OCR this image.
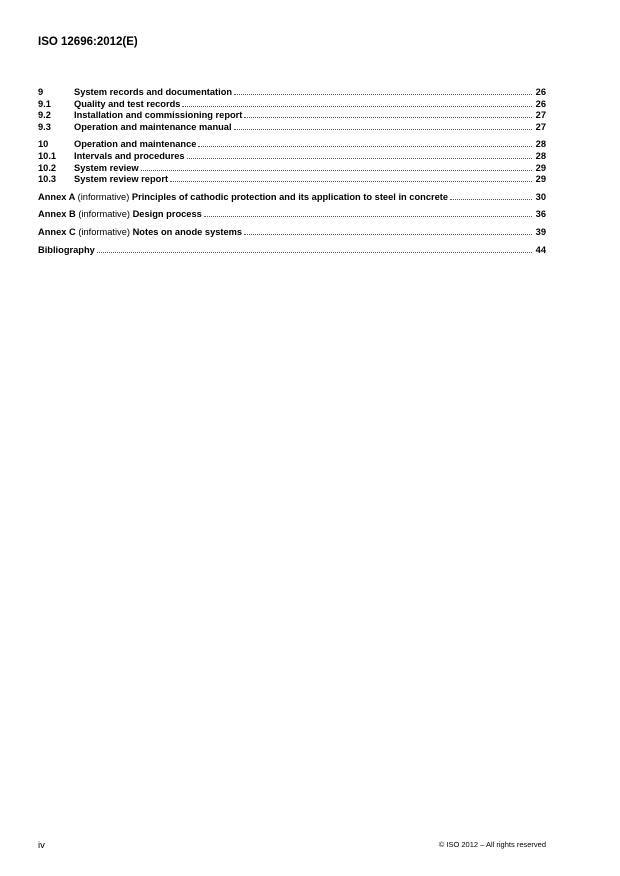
ISO 12696:2012(E)
9	System records and documentation	26
9.1	Quality and test records	26
9.2	Installation and commissioning report	27
9.3	Operation and maintenance manual	27
10	Operation and maintenance	28
10.1	Intervals and procedures	28
10.2	System review	29
10.3	System review report	29
Annex A (informative) Principles of cathodic protection and its application to steel in concrete	30
Annex B (informative) Design process	36
Annex C (informative) Notes on anode systems	39
Bibliography	44
iv	© ISO 2012 – All rights reserved
